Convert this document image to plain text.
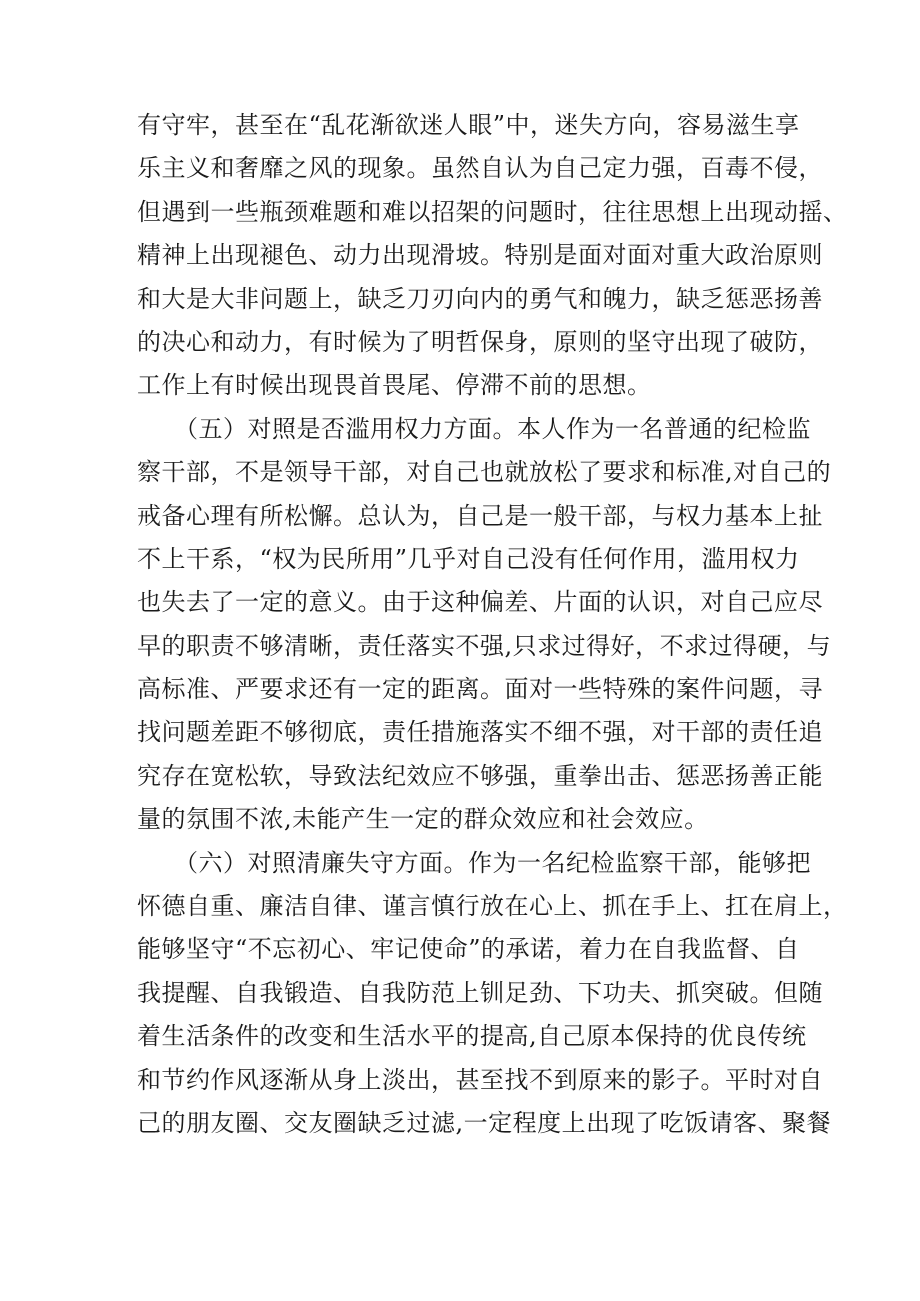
有守牢，甚至在“乱花渐欲迷人眼”中，迷失方向，容易滋生享
乐主义和奢靡之风的现象。虽然自认为自己定力强，百毒不侵，
但遇到一些瓶颈难题和难以招架的问题时，往往思想上出现动摇、
精神上出现褪色、动力出现滑坡。特别是面对面对重大政治原则
和大是大非问题上，缺乏刀刃向内的勇气和魄力，缺乏惩恶扬善
的决心和动力，有时候为了明哲保身，原则的坚守出现了破防，
工作上有时候出现畏首畏尾、停滞不前的思想。
（五）对照是否滥用权力方面。本人作为一名普通的纪检监
察干部，不是领导干部，对自己也就放松了要求和标准,对自己的
戒备心理有所松懈。总认为，自己是一般干部，与权力基本上扯
不上干系，“权为民所用”几乎对自己没有任何作用，滥用权力
也失去了一定的意义。由于这种偏差、片面的认识，对自己应尽
早的职责不够清晰，责任落实不强,只求过得好，不求过得硬，与
高标准、严要求还有一定的距离。面对一些特殊的案件问题，寻
找问题差距不够彻底，责任措施落实不细不强，对干部的责任追
究存在宽松软，导致法纪效应不够强，重拳出击、惩恶扬善正能
量的氛围不浓,未能产生一定的群众效应和社会效应。
（六）对照清廉失守方面。作为一名纪检监察干部，能够把
怀德自重、廉洁自律、谨言慎行放在心上、抓在手上、扛在肩上，
能够坚守“不忘初心、牢记使命”的承诺，着力在自我监督、自
我提醒、自我锻造、自我防范上钏足劲、下功夫、抓突破。但随
着生活条件的改变和生活水平的提高,自己原本保持的优良传统
和节约作风逐渐从身上淡出，甚至找不到原来的影子。平时对自
己的朋友圈、交友圈缺乏过滤,一定程度上出现了吃饭请客、聚餐
